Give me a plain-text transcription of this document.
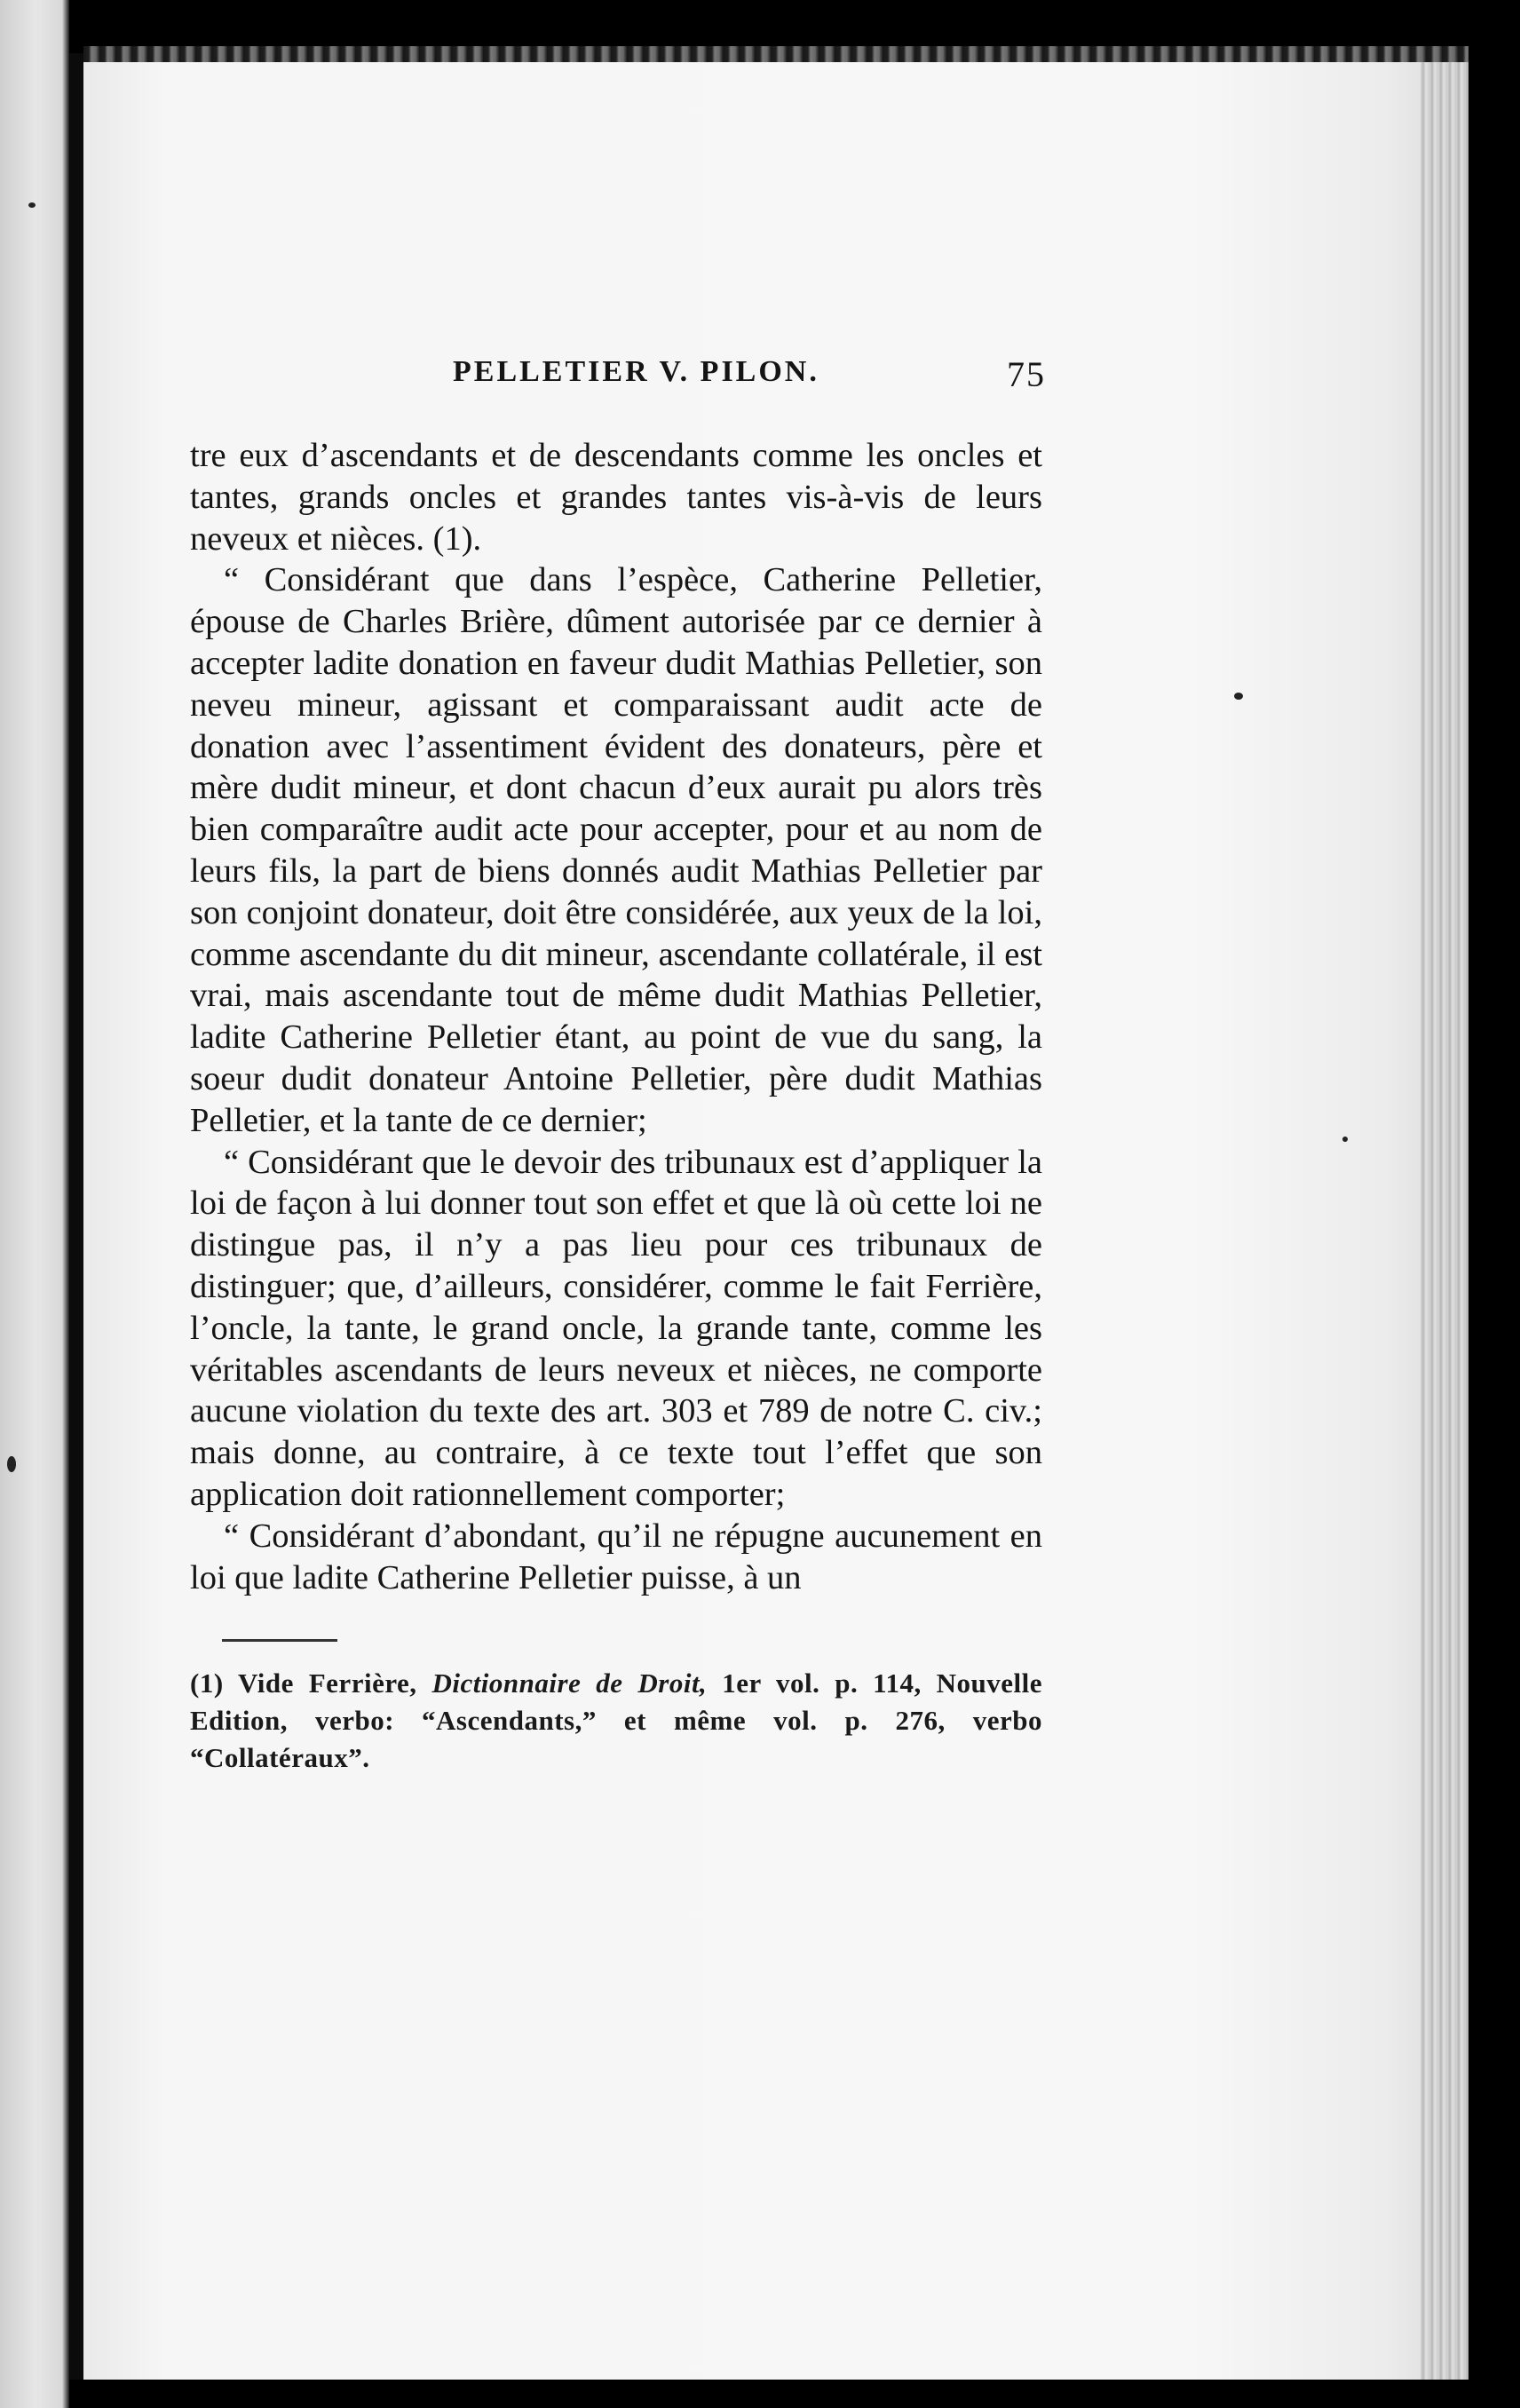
PELLETIER V. PILON.	75

tre eux d’ascendants et de descendants comme les oncles et tantes, grands oncles et grandes tantes vis-à-vis de leurs neveux et nièces. (1).

“ Considérant que dans l’espèce, Catherine Pelletier, épouse de Charles Brière, dûment autorisée par ce dernier à accepter ladite donation en faveur dudit Mathias Pelletier, son neveu mineur, agissant et comparaissant audit acte de donation avec l’assentiment évident des donateurs, père et mère dudit mineur, et dont chacun d’eux aurait pu alors très bien comparaître audit acte pour accepter, pour et au nom de leurs fils, la part de biens donnés audit Mathias Pelletier par son conjoint donateur, doit être considérée, aux yeux de la loi, comme ascendante du dit mineur, ascendante collatérale, il est vrai, mais ascendante tout de même dudit Mathias Pelletier, ladite Catherine Pelletier étant, au point de vue du sang, la soeur dudit donateur Antoine Pelletier, père dudit Mathias Pelletier, et la tante de ce dernier;

“ Considérant que le devoir des tribunaux est d’appliquer la loi de façon à lui donner tout son effet et que là où cette loi ne distingue pas, il n’y a pas lieu pour ces tribunaux de distinguer; que, d’ailleurs, considérer, comme le fait Ferrière, l’oncle, la tante, le grand oncle, la grande tante, comme les véritables ascendants de leurs neveux et nièces, ne comporte aucune violation du texte des art. 303 et 789 de notre C. civ.; mais donne, au contraire, à ce texte tout l’effet que son application doit rationnellement comporter;

“ Considérant d’abondant, qu’il ne répugne aucunement en loi que ladite Catherine Pelletier puisse, à un

(1) Vide Ferrière, Dictionnaire de Droit, 1er vol. p. 114, Nouvelle Edition, verbo: “Ascendants,” et même vol. p. 276, verbo “Collatéraux”.
